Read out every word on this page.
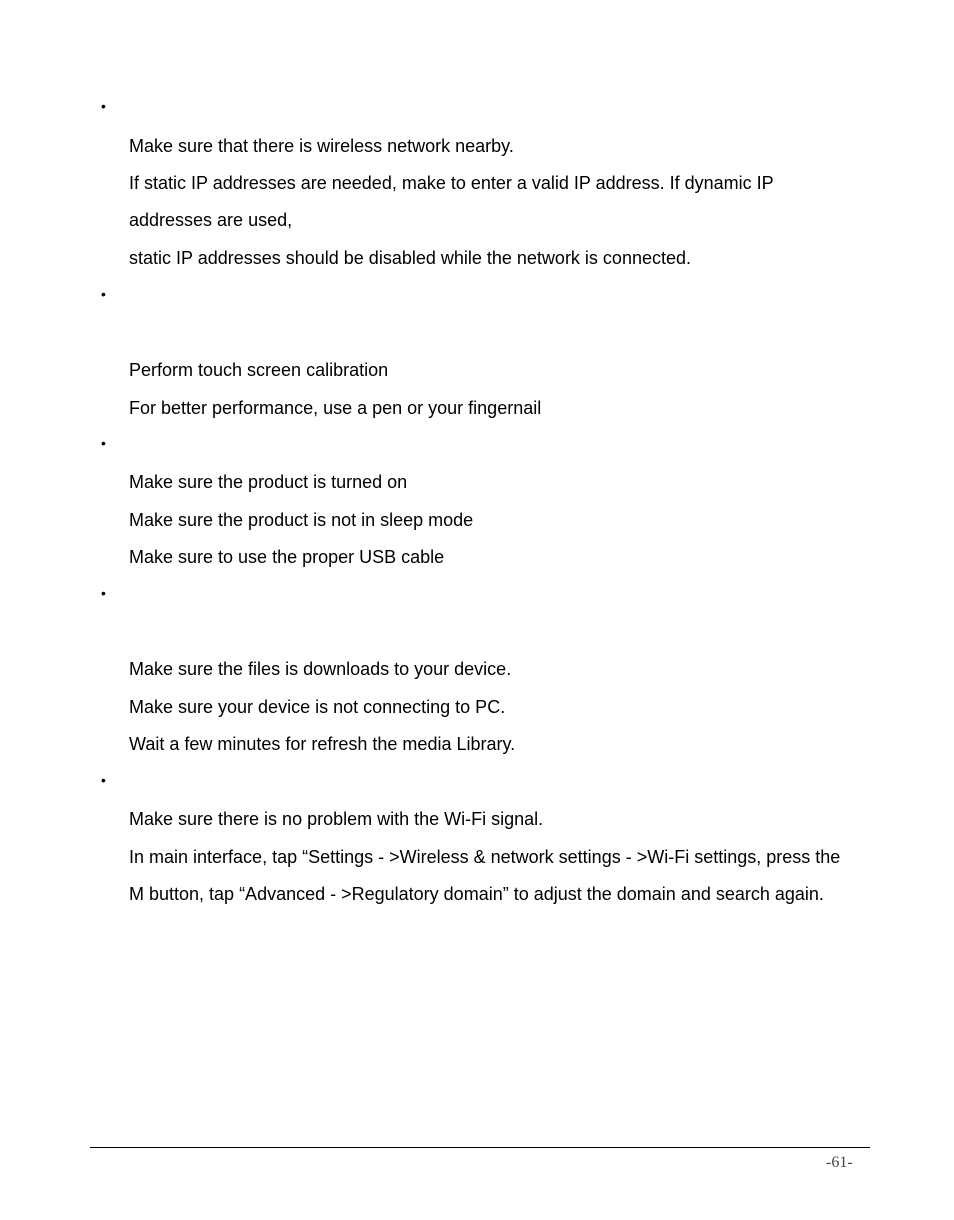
•
Make sure that there is wireless network nearby.
If static IP addresses are needed, make to enter a valid IP address. If dynamic IP
addresses are used,
static IP addresses should be disabled while the network is connected.
•
Perform touch screen calibration
For better performance, use a pen or your fingernail
•
Make sure the product is turned on
Make sure the product is not in sleep mode
Make sure to use the proper USB cable
•
Make sure the files is downloads to your device.
Make sure your device is not connecting to PC.
Wait a few minutes for refresh the media Library.
•
Make sure there is no problem with the Wi-Fi signal.
In main interface, tap “Settings - >Wireless & network settings - >Wi-Fi settings, press the
M button, tap “Advanced - >Regulatory domain” to adjust the domain and search again.
-61-
